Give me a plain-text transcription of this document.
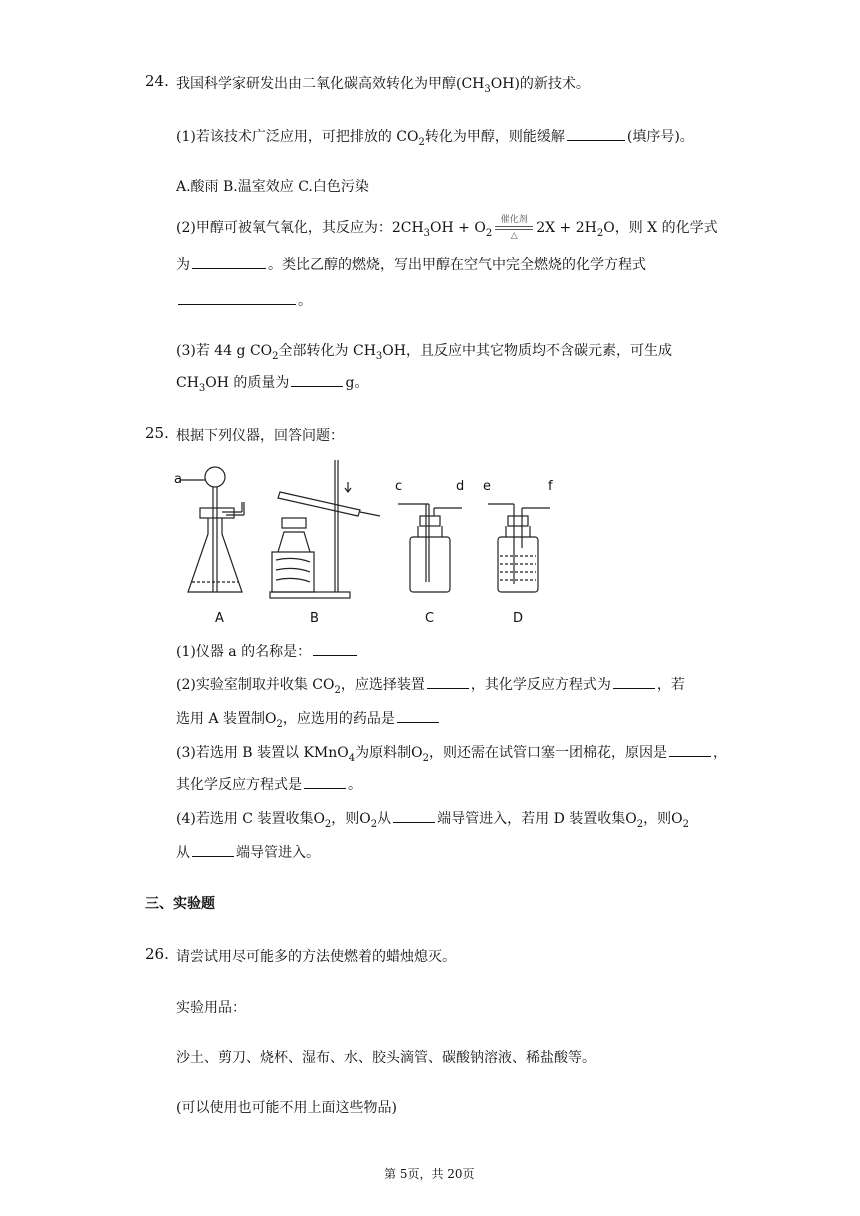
24. 我国科学家研发出由二氧化碳高效转化为甲醇$(CH_3OH)$的新技术。
(1)若该技术广泛应用，可把排放的 $CO_2$转化为甲醇，则能缓解	(填序号)。
A.酸雨 B.温室效应 C.白色污染
(2)甲醇可被氧气氧化，其反应为：$2CH_3OH + O_2$
催化剂
△ $2X + 2H_2O$，则 X 的化学式
为	。类比乙醇的燃烧，写出甲醇在空气中完全燃烧的化学方程式
。
(3)若 44 g $CO_2$全部转化为 $CH_3OH$，且反应中其它物质均不含碳元素，可生成
$CH_3OH$ 的质量为	g。
25. 根据下列仪器，回答问题：
a	c	d e	f
A	B	C	D
(1)仪器 a 的名称是：
(2)实验室制取并收集 $CO_2$，应选择装置	，其化学反应方程式为	，若
选用 A 装置制$O_2$，应选用的药品是
(3)若选用 B 装置以 KMnO$_4$为原料制$O_2$，则还需在试管口塞一团棉花，原因是	，
其化学反应方程式是	。
(4)若选用 C 装置收集$O_2$，则$O_2$从	端导管进入，若用 D 装置收集$O_2$，则$O_2$
从	端导管进入。
三、实验题
26. 请尝试用尽可能多的方法使燃着的蜡烛熄灭。
实验用品：
沙土、剪刀、烧杯、湿布、水、胶头滴管、碳酸钠溶液、稀盐酸等。
(可以使用也可能不用上面这些物品)
第 5页，共 20页
